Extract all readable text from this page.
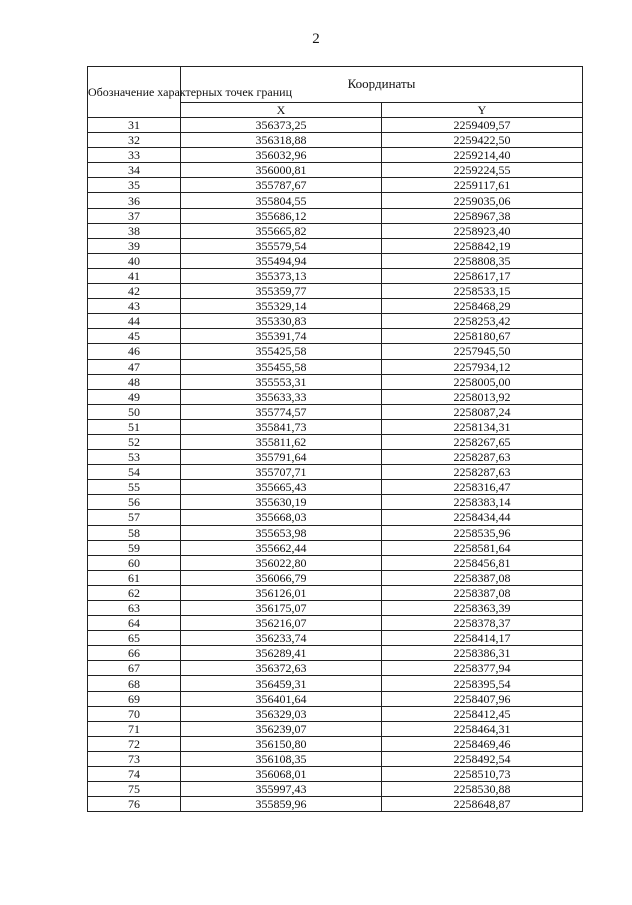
2
Обозначение характерных точек границ	Координаты	
	X	Y
31	356373,25	2259409,57
32	356318,88	2259422,50
33	356032,96	2259214,40
34	356000,81	2259224,55
35	355787,67	2259117,61
36	355804,55	2259035,06
37	355686,12	2258967,38
38	355665,82	2258923,40
39	355579,54	2258842,19
40	355494,94	2258808,35
41	355373,13	2258617,17
42	355359,77	2258533,15
43	355329,14	2258468,29
44	355330,83	2258253,42
45	355391,74	2258180,67
46	355425,58	2257945,50
47	355455,58	2257934,12
48	355553,31	2258005,00
49	355633,33	2258013,92
50	355774,57	2258087,24
51	355841,73	2258134,31
52	355811,62	2258267,65
53	355791,64	2258287,63
54	355707,71	2258287,63
55	355665,43	2258316,47
56	355630,19	2258383,14
57	355668,03	2258434,44
58	355653,98	2258535,96
59	355662,44	2258581,64
60	356022,80	2258456,81
61	356066,79	2258387,08
62	356126,01	2258387,08
63	356175,07	2258363,39
64	356216,07	2258378,37
65	356233,74	2258414,17
66	356289,41	2258386,31
67	356372,63	2258377,94
68	356459,31	2258395,54
69	356401,64	2258407,96
70	356329,03	2258412,45
71	356239,07	2258464,31
72	356150,80	2258469,46
73	356108,35	2258492,54
74	356068,01	2258510,73
75	355997,43	2258530,88
76	355859,96	2258648,87
